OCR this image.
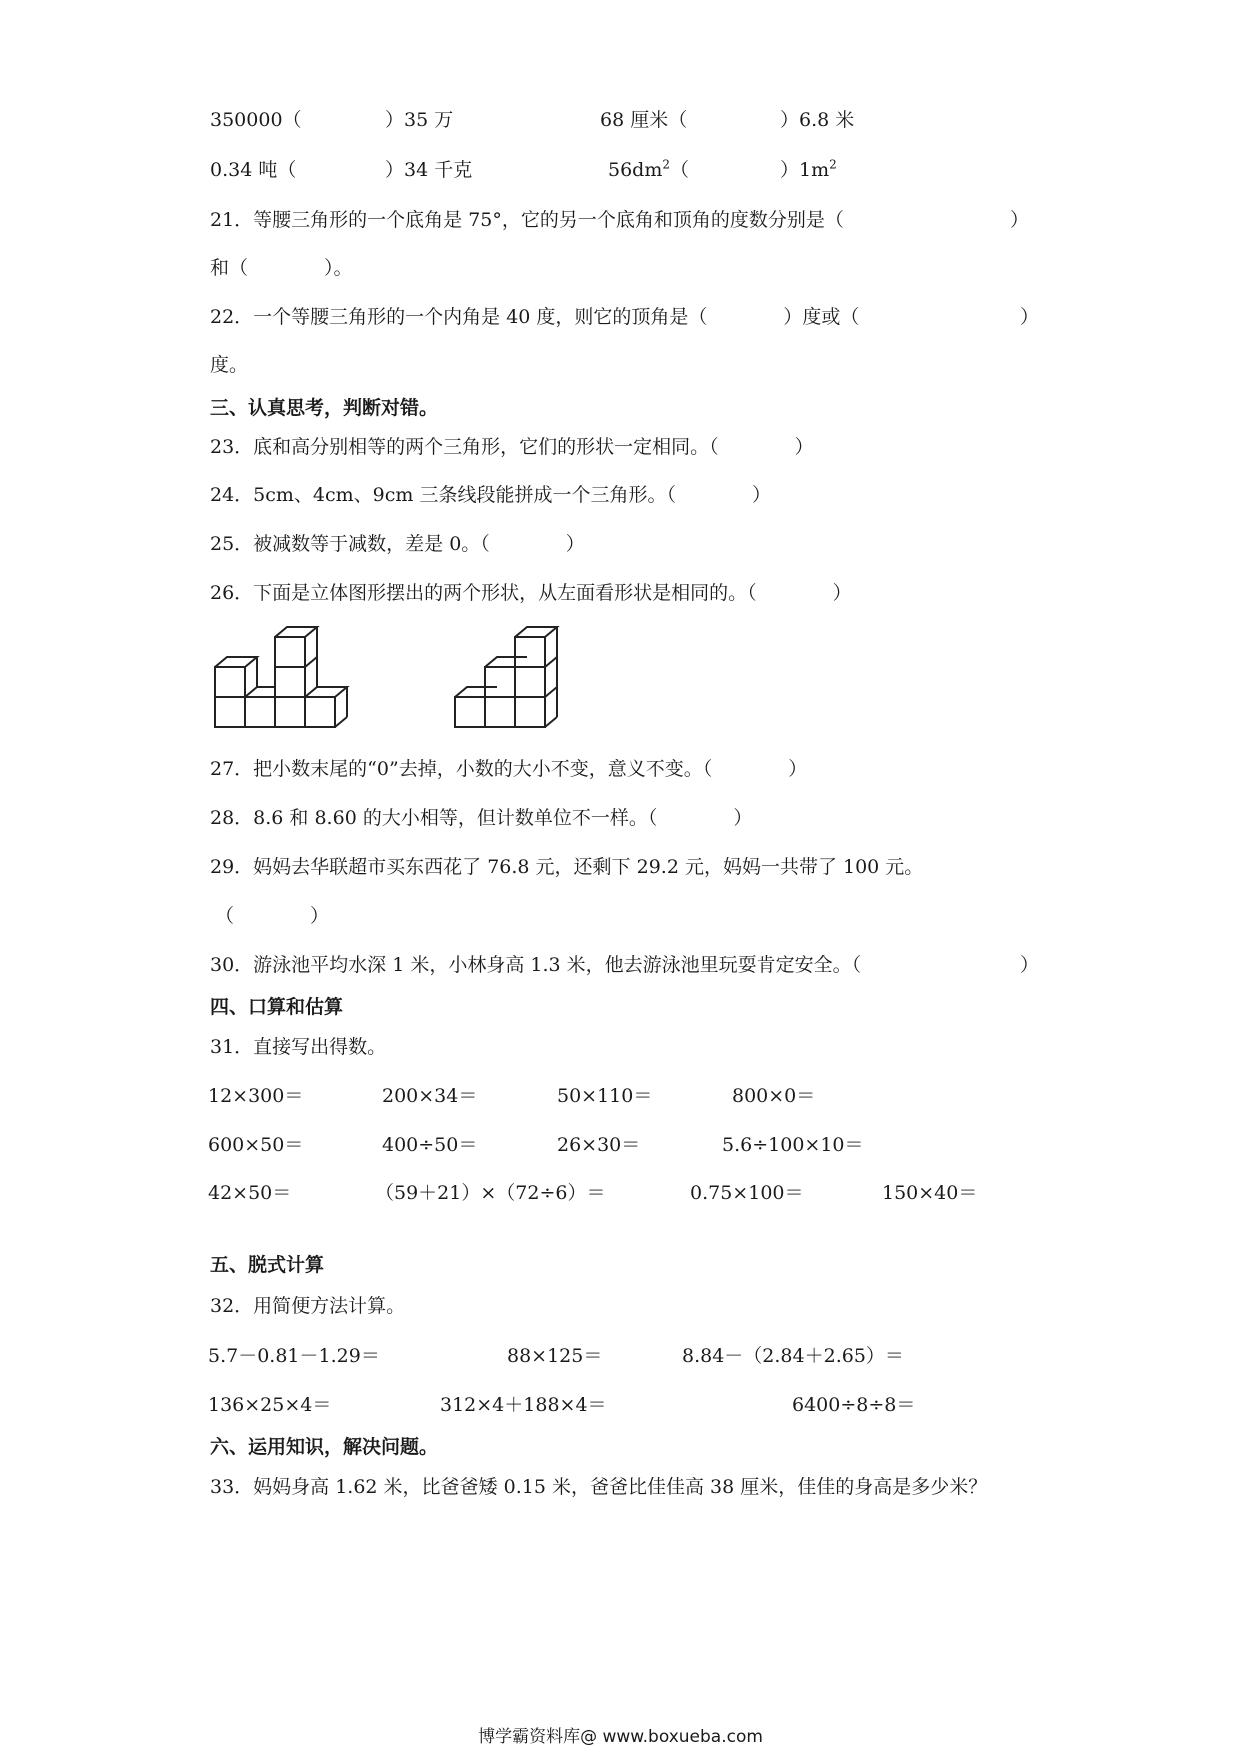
350000（	）35 万	68 厘米（	）6.8 米
0.34 吨（	）34 千克	$56dm^2$（	）$1m^2$
21．等腰三角形的一个底角是 75°，它的另一个底角和顶角的度数分别是（	）
和（　　　　）。
22．一个等腰三角形的一个内角是 40 度，则它的顶角是（　　　　）度或（	）
度。
三、认真思考，判断对错。
23．底和高分别相等的两个三角形，它们的形状一定相同。（　　　　）
24．5cm、4cm、9cm 三条线段能拼成一个三角形。（　　　　）
25．被减数等于减数，差是 0。（　　　　）
26．下面是立体图形摆出的两个形状，从左面看形状是相同的。（　　　　）
27．把小数末尾的“0”去掉，小数的大小不变，意义不变。（　　　　）
28．8.6 和 8.60 的大小相等，但计数单位不一样。（　　　　）
29．妈妈去华联超市买东西花了 76.8 元，还剩下 29.2 元，妈妈一共带了 100 元。
（　　　　）
30．游泳池平均水深 1 米，小林身高 1.3 米，他去游泳池里玩耍肯定安全。（	）
四、口算和估算
31．直接写出得数。
12×300＝	200×34＝	50×110＝	800×0＝
600×50＝	400÷50＝	26×30＝	5.6÷100×10＝
42×50＝	（59＋21）×（72÷6）＝	0.75×100＝	150×40＝
五、脱式计算
32．用简便方法计算。
5.7－0.81－1.29＝	88×125＝	8.84－（2.84＋2.65）＝
136×25×4＝	312×4＋188×4＝	6400÷8÷8＝
六、运用知识，解决问题。
33．妈妈身高 1.62 米，比爸爸矮 0.15 米，爸爸比佳佳高 38 厘米，佳佳的身高是多少米？
博学霸资料库@ www.boxueba.com
